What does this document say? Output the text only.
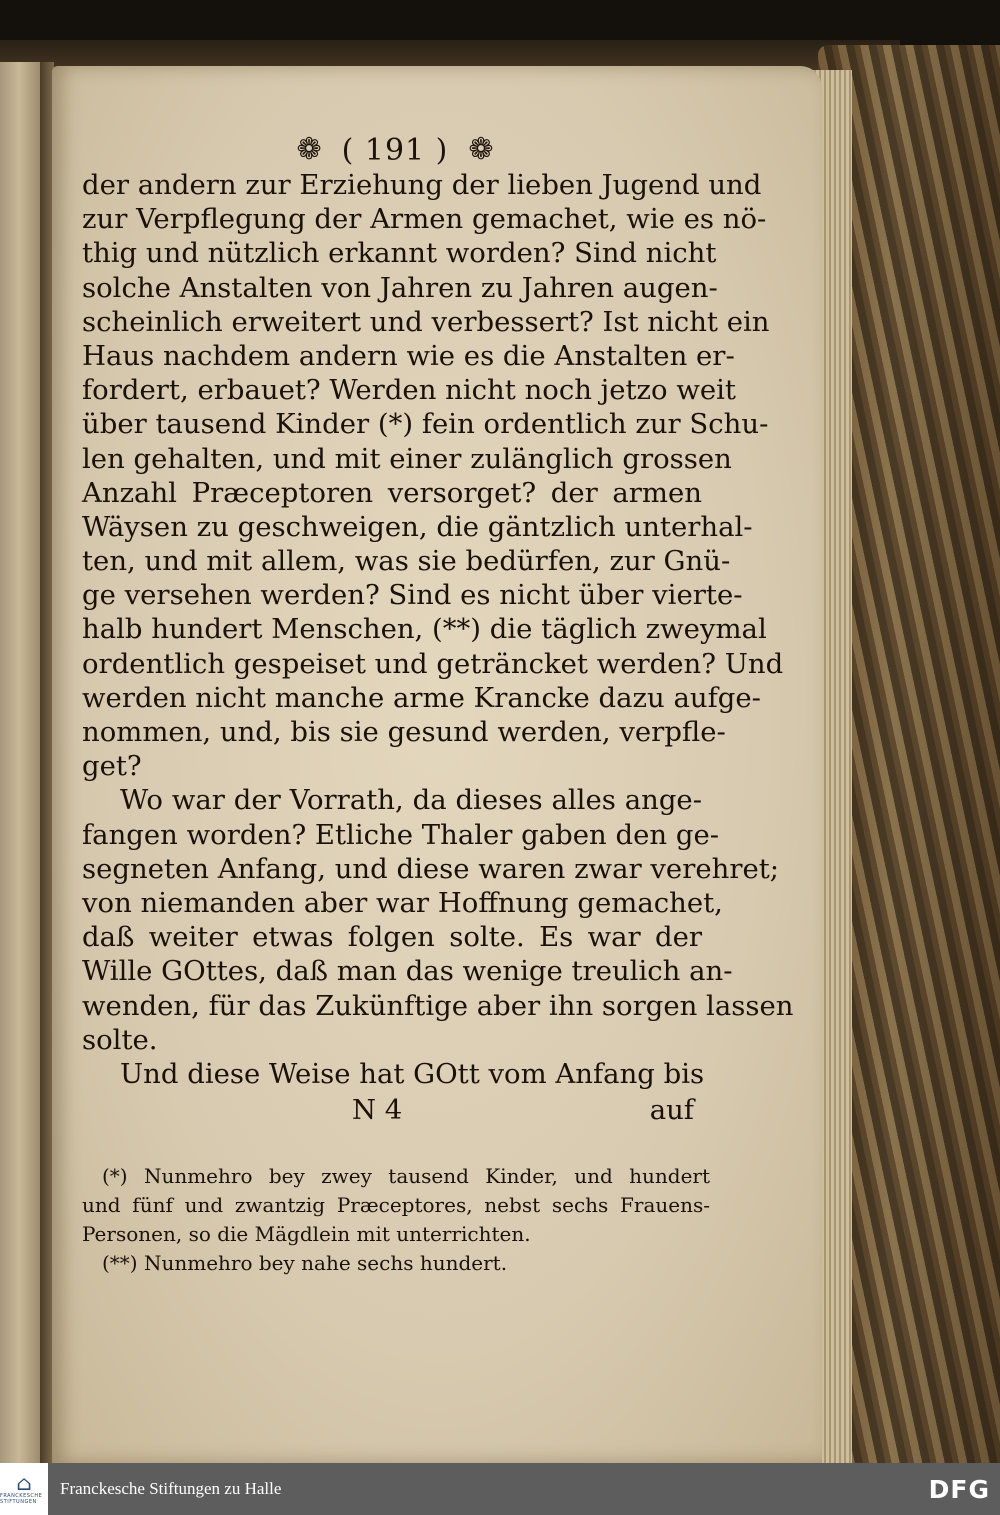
❁ ( 191 ) ❁
der andern zur Erziehung der lieben Jugend und
zur Verpflegung der Armen gemachet, wie es nö-
thig und nützlich erkannt worden? Sind nicht
solche Anstalten von Jahren zu Jahren augen-
scheinlich erweitert und verbessert? Ist nicht ein
Haus nachdem andern wie es die Anstalten er-
fordert, erbauet? Werden nicht noch jetzo weit
über tausend Kinder (*) fein ordentlich zur Schu-
len gehalten, und mit einer zulänglich grossen
Anzahl Præceptoren versorget? der armen
Wäysen zu geschweigen, die gäntzlich unterhal-
ten, und mit allem, was sie bedürfen, zur Gnü-
ge versehen werden? Sind es nicht über vierte-
halb hundert Menschen, (**) die täglich zweymal
ordentlich gespeiset und geträncket werden? Und
werden nicht manche arme Krancke dazu aufge-
nommen, und, bis sie gesund werden, verpfle-
get?
Wo war der Vorrath, da dieses alles ange-
fangen worden? Etliche Thaler gaben den ge-
segneten Anfang, und diese waren zwar verehret;
von niemanden aber war Hoffnung gemachet,
daß weiter etwas folgen solte. Es war der
Wille GOttes, daß man das wenige treulich an-
wenden, für das Zukünftige aber ihn sorgen lassen
solte.
Und diese Weise hat GOtt vom Anfang bis
N 4	auf
(*) Nunmehro bey zwey tausend Kinder, und hundert
und fünf und zwantzig Præceptores, nebst sechs Frauens-
Personen, so die Mägdlein mit unterrichten.
(**) Nunmehro bey nahe sechs hundert.
⌂
FRANCKESCHE STIFTUNGEN
Franckesche Stiftungen zu Halle	DFG
